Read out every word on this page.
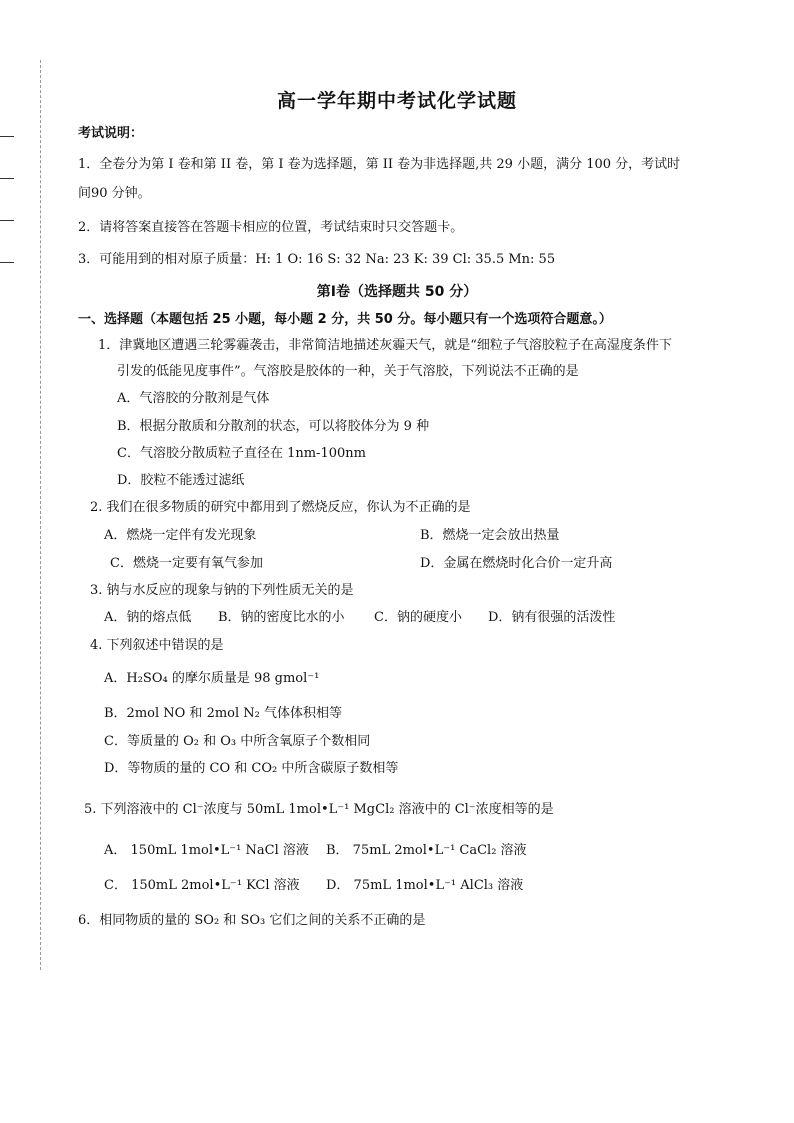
高一学年期中考试化学试题
考试说明：
1．全卷分为第 I 卷和第 II 卷，第 I 卷为选择题，第 II 卷为非选择题,共 29 小题，满分 100 分，考试时
间90 分钟。
2．请将答案直接答在答题卡相应的位置，考试结束时只交答题卡。
3．可能用到的相对原子质量：H: 1 O: 16 S: 32 Na: 23 K: 39 Cl: 35.5 Mn: 55
第Ⅰ卷（选择题共 50 分）
一、选择题（本题包括 25 小题，每小题 2 分，共 50 分。每小题只有一个选项符合题意。）
1．津冀地区遭遇三轮雾霾袭击，非常简洁地描述灰霾天气，就是“细粒子气溶胶粒子在高湿度条件下
引发的低能见度事件”。气溶胶是胶体的一种，关于气溶胶，下列说法不正确的是
A．气溶胶的分散剂是气体
B．根据分散质和分散剂的状态，可以将胶体分为 9 种
C．气溶胶分散质粒子直径在 1nm-100nm
D．胶粒不能透过滤纸
2. 我们在很多物质的研究中都用到了燃烧反应，你认为不正确的是
A．燃烧一定伴有发光现象	B．燃烧一定会放出热量
C．燃烧一定要有氧气参加	D．金属在燃烧时化合价一定升高
3. 钠与水反应的现象与钠的下列性质无关的是
A．钠的熔点低 B．钠的密度比水的小 C．钠的硬度小 D．钠有很强的活泼性
4. 下列叙述中错误的是
A．H₂SO₄ 的摩尔质量是 98 gmol⁻¹
B．2mol NO 和 2mol N₂ 气体体积相等
C．等质量的 O₂ 和 O₃ 中所含氧原子个数相同
D．等物质的量的 CO 和 CO₂ 中所含碳原子数相等
5. 下列溶液中的 Cl⁻浓度与 50mL 1mol•L⁻¹ MgCl₂ 溶液中的 Cl⁻浓度相等的是
A． 150mL 1mol•L⁻¹ NaCl 溶液 B． 75mL 2mol•L⁻¹ CaCl₂ 溶液
C． 150mL 2mol•L⁻¹ KCl 溶液 D． 75mL 1mol•L⁻¹ AlCl₃ 溶液
6．相同物质的量的 SO₂ 和 SO₃ 它们之间的关系不正确的是
